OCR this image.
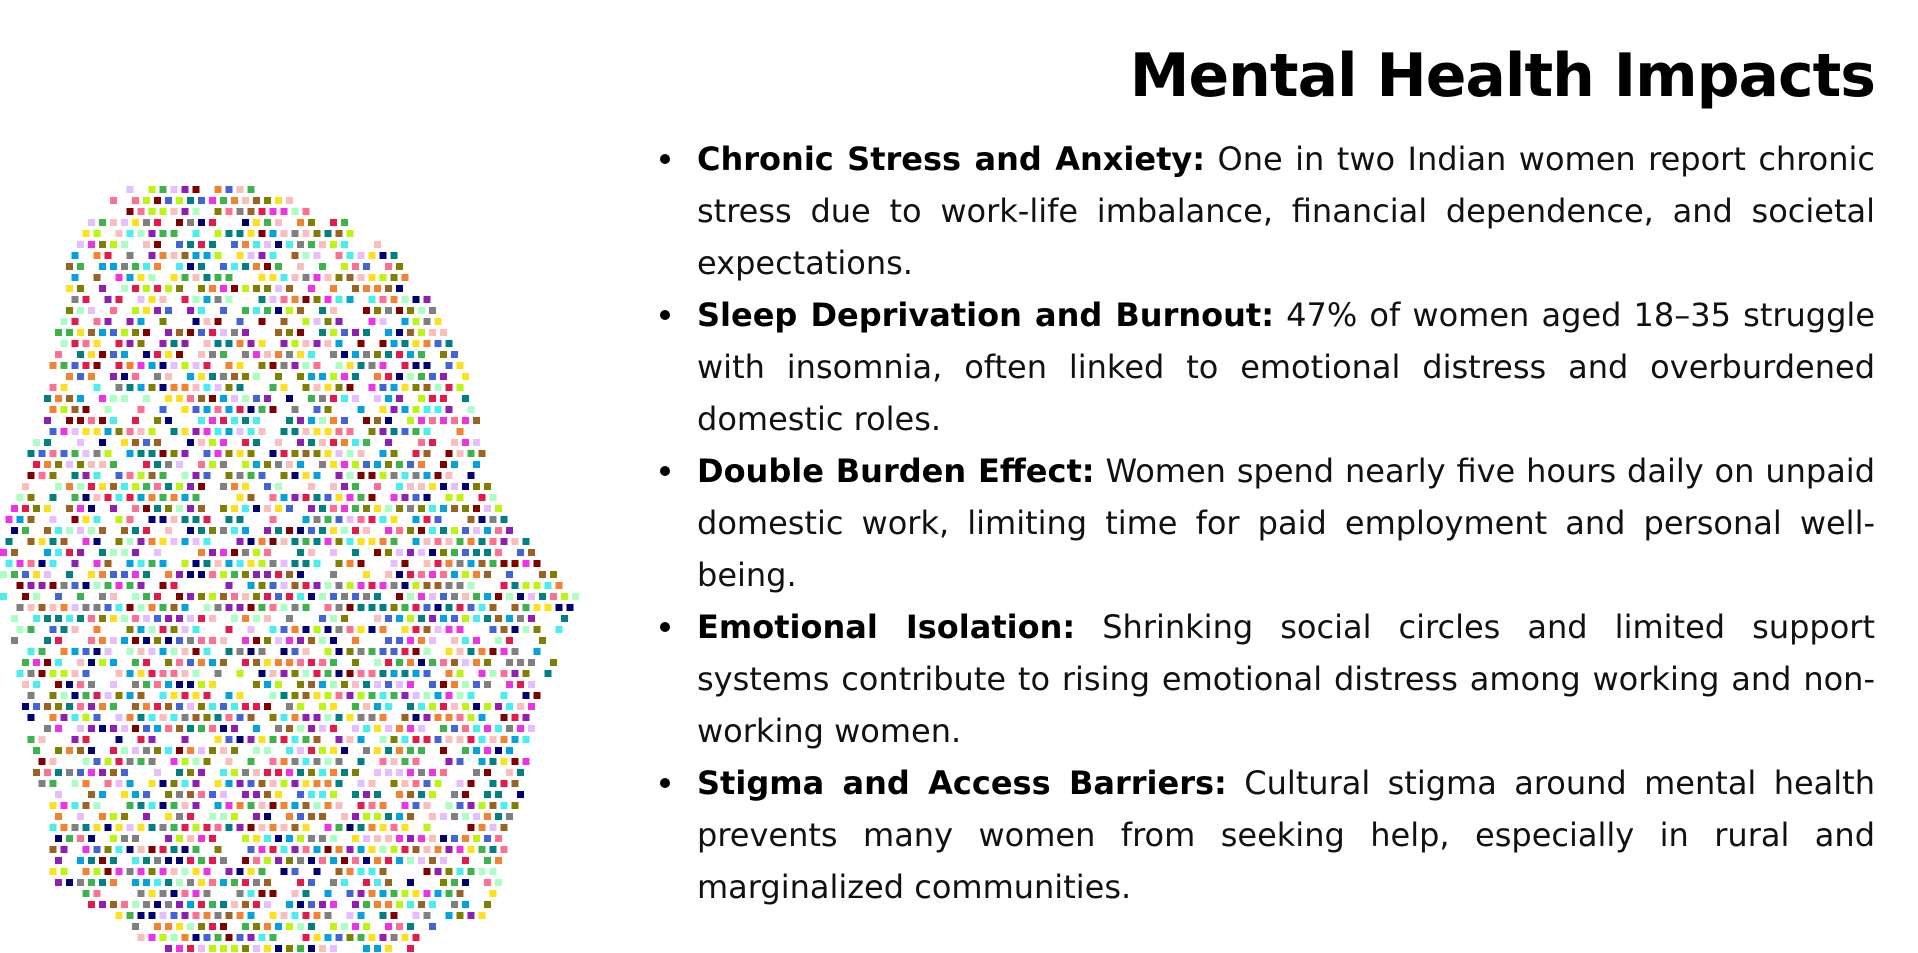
Mental Health Impacts
Chronic Stress and Anxiety: One in two Indian women report chronic stress due to work-life imbalance, financial dependence, and societal expectations.
Sleep Deprivation and Burnout: 47% of women aged 18–35 struggle with insomnia, often linked to emotional distress and overburdened domestic roles.
Double Burden Effect: Women spend nearly five hours daily on unpaid domestic work, limiting time for paid employment and personal well-being.
Emotional Isolation: Shrinking social circles and limited support systems contribute to rising emotional distress among working and non-working women.
Stigma and Access Barriers: Cultural stigma around mental health prevents many women from seeking help, especially in rural and marginalized communities.
